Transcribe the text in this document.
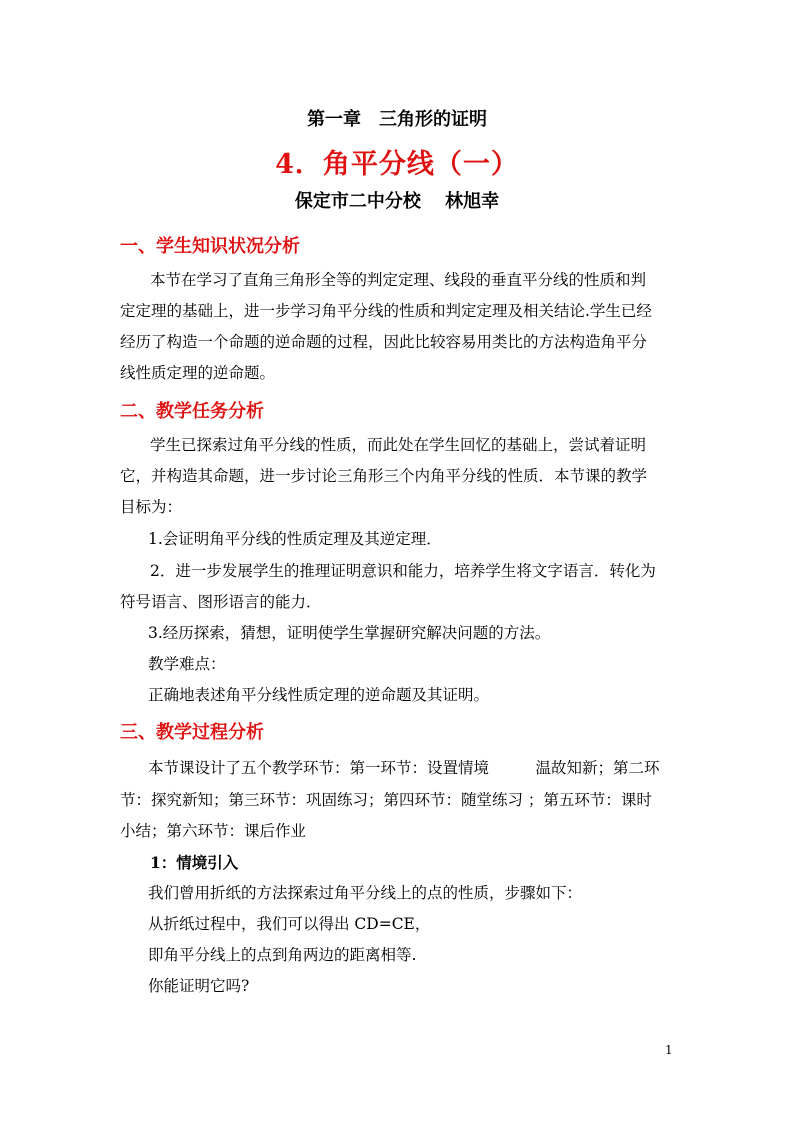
第一章　三角形的证明
4．角平分线（一）
保定市二中分校　 林旭幸
一、学生知识状况分析
本节在学习了直角三角形全等的判定定理、线段的垂直平分线的性质和判
定定理的基础上，进一步学习角平分线的性质和判定定理及相关结论.学生已经
经历了构造一个命题的逆命题的过程，因此比较容易用类比的方法构造角平分
线性质定理的逆命题。
二、教学任务分析
学生已探索过角平分线的性质，而此处在学生回忆的基础上，尝试着证明
它，并构造其命题，进一步讨论三角形三个内角平分线的性质．本节课的教学
目标为：
1.会证明角平分线的性质定理及其逆定理．
2．进一步发展学生的推理证明意识和能力，培养学生将文字语言．转化为
符号语言、图形语言的能力．
3.经历探索，猜想，证明使学生掌握研究解决问题的方法。
教学难点：
正确地表述角平分线性质定理的逆命题及其证明。
三、教学过程分析
本节课设计了五个教学环节：第一环节：设置情境　　　温故知新；第二环
节：探究新知；第三环节：巩固练习；第四环节：随堂练习 ；第五环节：课时
小结；第六环节：课后作业
1：情境引入
我们曾用折纸的方法探索过角平分线上的点的性质，步骤如下：
从折纸过程中，我们可以得出 CD=CE，
即角平分线上的点到角两边的距离相等.
你能证明它吗?
1
